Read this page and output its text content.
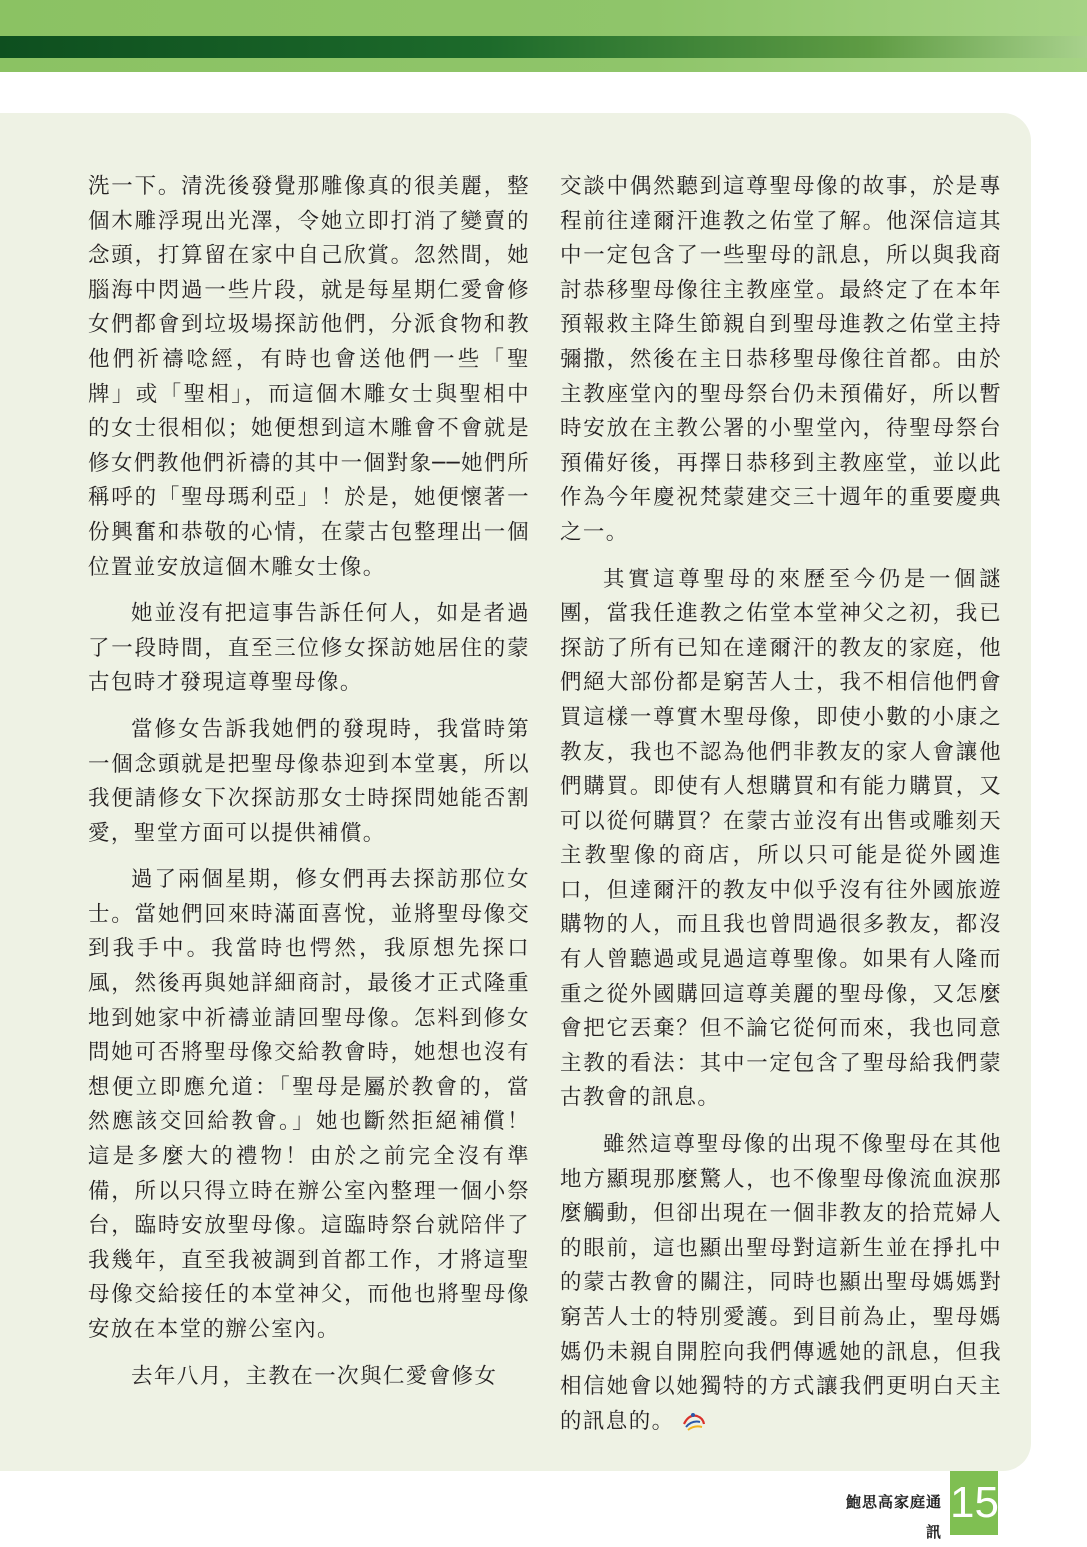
洗一下。清洗後發覺那雕像真的很美麗，整個木雕浮現出光澤，令她立即打消了變賣的念頭，打算留在家中自己欣賞。忽然間，她腦海中閃過一些片段，就是每星期仁愛會修女們都會到垃圾場探訪他們，分派食物和教他們祈禱唸經，有時也會送他們一些「聖牌」或「聖相」，而這個木雕女士與聖相中的女士很相似；她便想到這木雕會不會就是修女們教他們祈禱的其中一個對象──她們所稱呼的「聖母瑪利亞」！於是，她便懷著一份興奮和恭敬的心情，在蒙古包整理出一個位置並安放這個木雕女士像。

她並沒有把這事告訴任何人，如是者過了一段時間，直至三位修女探訪她居住的蒙古包時才發現這尊聖母像。

當修女告訴我她們的發現時，我當時第一個念頭就是把聖母像恭迎到本堂裏，所以我便請修女下次探訪那女士時探問她能否割愛，聖堂方面可以提供補償。

過了兩個星期，修女們再去探訪那位女士。當她們回來時滿面喜悅，並將聖母像交到我手中。我當時也愕然，我原想先探口風，然後再與她詳細商討，最後才正式隆重地到她家中祈禱並請回聖母像。怎料到修女問她可否將聖母像交給教會時，她想也沒有想便立即應允道：「聖母是屬於教會的，當然應該交回給教會。」她也斷然拒絕補償！這是多麼大的禮物！由於之前完全沒有準備，所以只得立時在辦公室內整理一個小祭台，臨時安放聖母像。這臨時祭台就陪伴了我幾年，直至我被調到首都工作，才將這聖母像交給接任的本堂神父，而他也將聖母像安放在本堂的辦公室內。

去年八月，主教在一次與仁愛會修女

交談中偶然聽到這尊聖母像的故事，於是專程前往達爾汗進教之佑堂了解。他深信這其中一定包含了一些聖母的訊息，所以與我商討恭移聖母像往主教座堂。最終定了在本年預報救主降生節親自到聖母進教之佑堂主持彌撒，然後在主日恭移聖母像往首都。由於主教座堂內的聖母祭台仍未預備好，所以暫時安放在主教公署的小聖堂內，待聖母祭台預備好後，再擇日恭移到主教座堂，並以此作為今年慶祝梵蒙建交三十週年的重要慶典之一。

其實這尊聖母的來歷至今仍是一個謎團，當我任進教之佑堂本堂神父之初，我已探訪了所有已知在達爾汗的教友的家庭，他們絕大部份都是窮苦人士，我不相信他們會買這樣一尊實木聖母像，即使小數的小康之教友，我也不認為他們非教友的家人會讓他們購買。即使有人想購買和有能力購買，又可以從何購買？在蒙古並沒有出售或雕刻天主教聖像的商店，所以只可能是從外國進口，但達爾汗的教友中似乎沒有往外國旅遊購物的人，而且我也曾問過很多教友，都沒有人曾聽過或見過這尊聖像。如果有人隆而重之從外國購回這尊美麗的聖母像，又怎麼會把它丟棄？但不論它從何而來，我也同意主教的看法：其中一定包含了聖母給我們蒙古教會的訊息。

雖然這尊聖母像的出現不像聖母在其他地方顯現那麼驚人，也不像聖母像流血淚那麼觸動，但卻出現在一個非教友的拾荒婦人的眼前，這也顯出聖母對這新生並在掙扎中的蒙古教會的關注，同時也顯出聖母媽媽對窮苦人士的特別愛護。到目前為止，聖母媽媽仍未親自開腔向我們傳遞她的訊息，但我相信她會以她獨特的方式讓我們更明白天主的訊息的。

鮑思高家庭通訊
15
